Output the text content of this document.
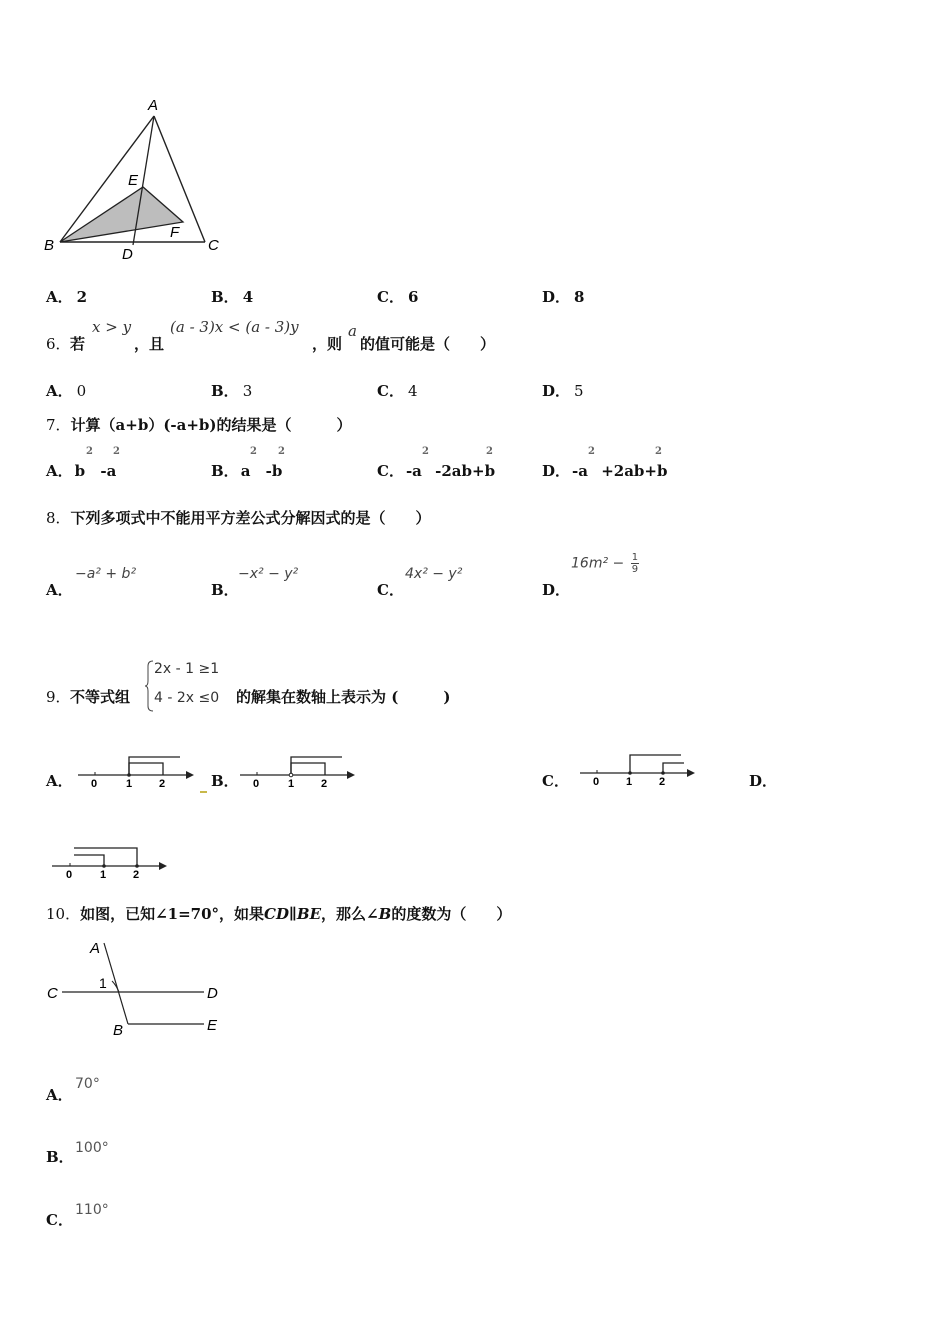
A
E
B
D
F
C
A． 2	B． 4	C． 6	D． 8
6． 若
x > y
，且
(a - 3)x < (a - 3)y
，则
a
的值可能是（　　）
A． 0	B． 3	C． 4	D． 5
7．计算（a+b）(-a+b)的结果是（　　　）
A． b
2
-a
2
B． a
2
-b
2
C． -a
2
-2ab+b
2
D． -a
2
+2ab+b
2
8．下列多项式中不能用平方差公式分解因式的是（　　）
A．
−a² + b²
B．
−x² − y²
C．
4x² − y²
D．
$16m^2 - \frac{1}{9}$
9． 不等式组
2x - 1 ≥1
4 - 2x ≤0 的解集在数轴上表示为 (　　　)
A．	B．	C．	D．
0	1 2	0	1 2	0 1 2
0	1 2
10．如图，已知∠1=70°，如果CD∥BE，那么∠B的度数为（　　）
A
C
1
D
B	E
A．
70°
B． 100°
C．
110°
